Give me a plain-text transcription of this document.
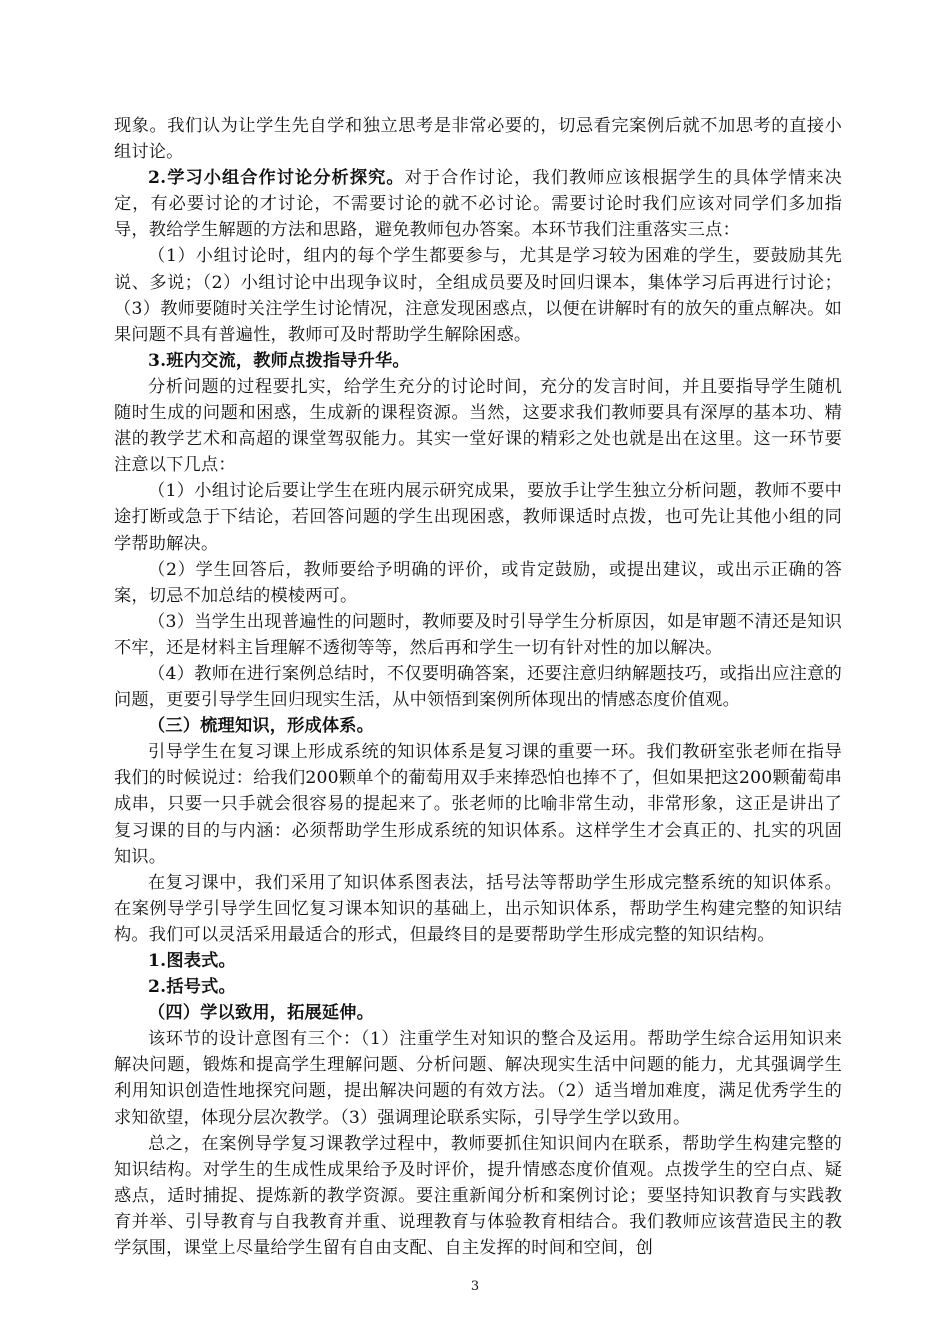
现象。我们认为让学生先自学和独立思考是非常必要的，切忌看完案例后就不加思考的直接小组讨论。

2.学习小组合作讨论分析探究。对于合作讨论，我们教师应该根据学生的具体学情来决定，有必要讨论的才讨论，不需要讨论的就不必讨论。需要讨论时我们应该对同学们多加指导，教给学生解题的方法和思路，避免教师包办答案。本环节我们注重落实三点：

（1）小组讨论时，组内的每个学生都要参与，尤其是学习较为困难的学生，要鼓励其先说、多说；（2）小组讨论中出现争议时，全组成员要及时回归课本，集体学习后再进行讨论；（3）教师要随时关注学生讨论情况，注意发现困惑点，以便在讲解时有的放矢的重点解决。如果问题不具有普遍性，教师可及时帮助学生解除困惑。

3.班内交流，教师点拨指导升华。

分析问题的过程要扎实，给学生充分的讨论时间，充分的发言时间，并且要指导学生随机随时生成的问题和困惑，生成新的课程资源。当然，这要求我们教师要具有深厚的基本功、精湛的教学艺术和高超的课堂驾驭能力。其实一堂好课的精彩之处也就是出在这里。这一环节要注意以下几点：

（1）小组讨论后要让学生在班内展示研究成果，要放手让学生独立分析问题，教师不要中途打断或急于下结论，若回答问题的学生出现困惑，教师课适时点拨，也可先让其他小组的同学帮助解决。

（2）学生回答后，教师要给予明确的评价，或肯定鼓励，或提出建议，或出示正确的答案，切忌不加总结的模棱两可。

（3）当学生出现普遍性的问题时，教师要及时引导学生分析原因，如是审题不清还是知识不牢，还是材料主旨理解不透彻等等，然后再和学生一切有针对性的加以解决。

（4）教师在进行案例总结时，不仅要明确答案，还要注意归纳解题技巧，或指出应注意的问题，更要引导学生回归现实生活，从中领悟到案例所体现出的情感态度价值观。

（三）梳理知识，形成体系。

引导学生在复习课上形成系统的知识体系是复习课的重要一环。我们教研室张老师在指导我们的时候说过：给我们200颗单个的葡萄用双手来捧恐怕也捧不了，但如果把这200颗葡萄串成串，只要一只手就会很容易的提起来了。张老师的比喻非常生动，非常形象，这正是讲出了复习课的目的与内涵：必须帮助学生形成系统的知识体系。这样学生才会真正的、扎实的巩固知识。

在复习课中，我们采用了知识体系图表法，括号法等帮助学生形成完整系统的知识体系。在案例导学引导学生回忆复习课本知识的基础上，出示知识体系，帮助学生构建完整的知识结构。我们可以灵活采用最适合的形式，但最终目的是要帮助学生形成完整的知识结构。

1.图表式。

2.括号式。

（四）学以致用，拓展延伸。

该环节的设计意图有三个：（1）注重学生对知识的整合及运用。帮助学生综合运用知识来解决问题，锻炼和提高学生理解问题、分析问题、解决现实生活中问题的能力，尤其强调学生利用知识创造性地探究问题，提出解决问题的有效方法。（2）适当增加难度，满足优秀学生的求知欲望，体现分层次教学。（3）强调理论联系实际，引导学生学以致用。

总之，在案例导学复习课教学过程中，教师要抓住知识间内在联系，帮助学生构建完整的知识结构。对学生的生成性成果给予及时评价，提升情感态度价值观。点拨学生的空白点、疑惑点，适时捕捉、提炼新的教学资源。要注重新闻分析和案例讨论；要坚持知识教育与实践教育并举、引导教育与自我教育并重、说理教育与体验教育相结合。我们教师应该营造民主的教学氛围，课堂上尽量给学生留有自由支配、自主发挥的时间和空间，创

3
